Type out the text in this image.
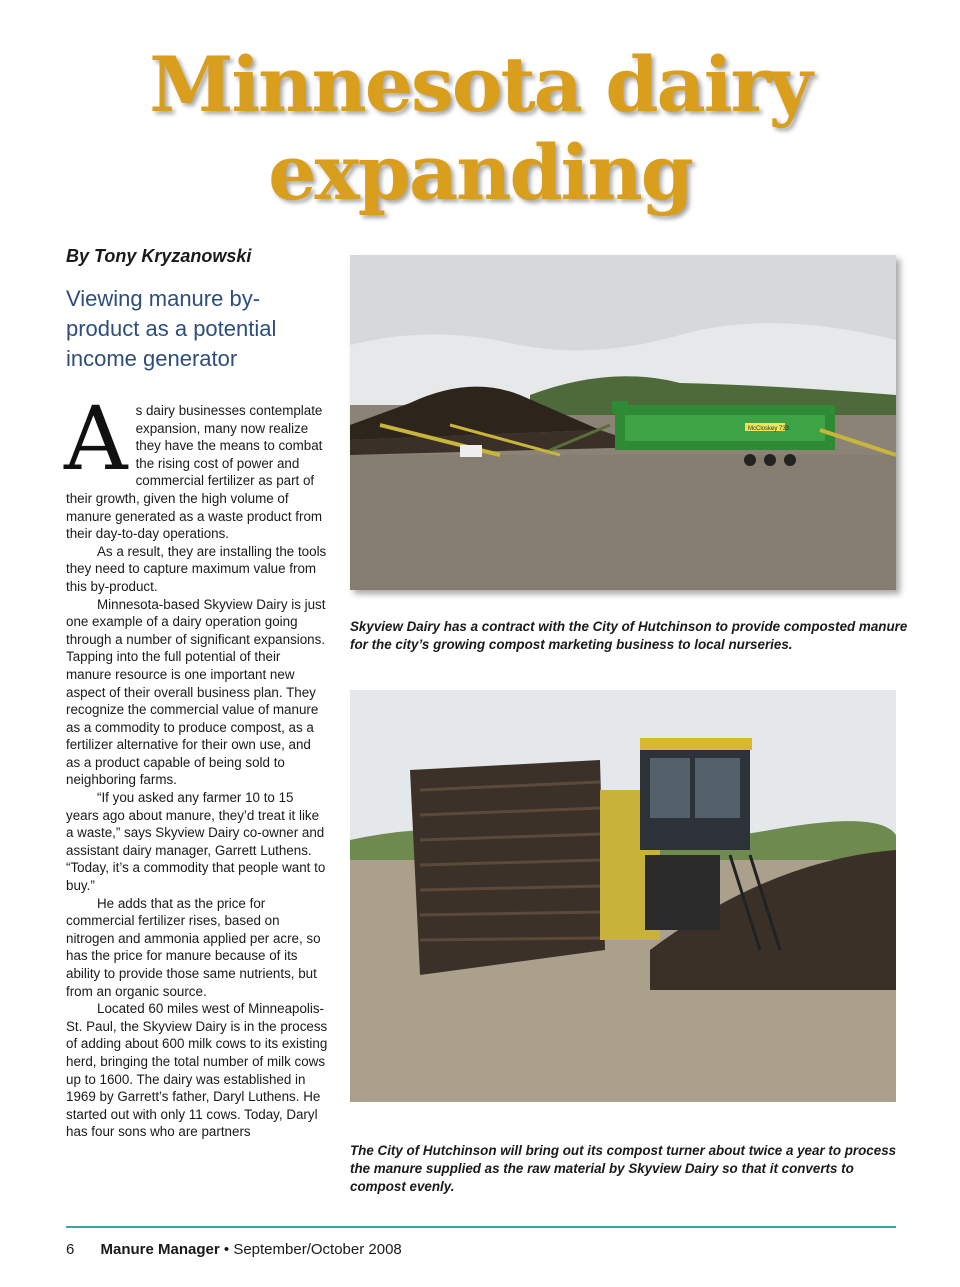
Minnesota dairy
expanding
By Tony Kryzanowski
Viewing manure by-product as a potential income generator

As dairy businesses contemplate expansion, many now realize they have the means to combat the rising cost of power and commercial fertilizer as part of their growth, given the high volume of manure generated as a waste product from their day-to-day operations.

As a result, they are installing the tools they need to capture maximum value from this by-product.

Minnesota-based Skyview Dairy is just one example of a dairy operation going through a number of significant expansions. Tapping into the full potential of their manure resource is one important new aspect of their overall business plan. They recognize the commercial value of manure as a commodity to produce compost, as a fertilizer alternative for their own use, and as a product capable of being sold to neighboring farms.

“If you asked any farmer 10 to 15 years ago about manure, they’d treat it like a waste,” says Skyview Dairy co-owner and assistant dairy manager, Garrett Luthens. “Today, it’s a commodity that people want to buy.”

He adds that as the price for commercial fertilizer rises, based on nitrogen and ammonia applied per acre, so has the price for manure because of its ability to provide those same nutrients, but from an organic source.

Located 60 miles west of Minneapolis-St. Paul, the Skyview Dairy is in the process of adding about 600 milk cows to its existing herd, bringing the total number of milk cows up to 1600. The dairy was established in 1969 by Garrett’s father, Daryl Luthens. He started out with only 11 cows. Today, Daryl has four sons who are partners

McCloskey 733
Skyview Dairy has a contract with the City of Hutchinson to provide composted manure for the city’s growing compost marketing business to local nurseries.
The City of Hutchinson will bring out its compost turner about twice a year to process the manure supplied as the raw material by Skyview Dairy so that it converts to compost evenly.
6 Manure Manager • September/October 2008
